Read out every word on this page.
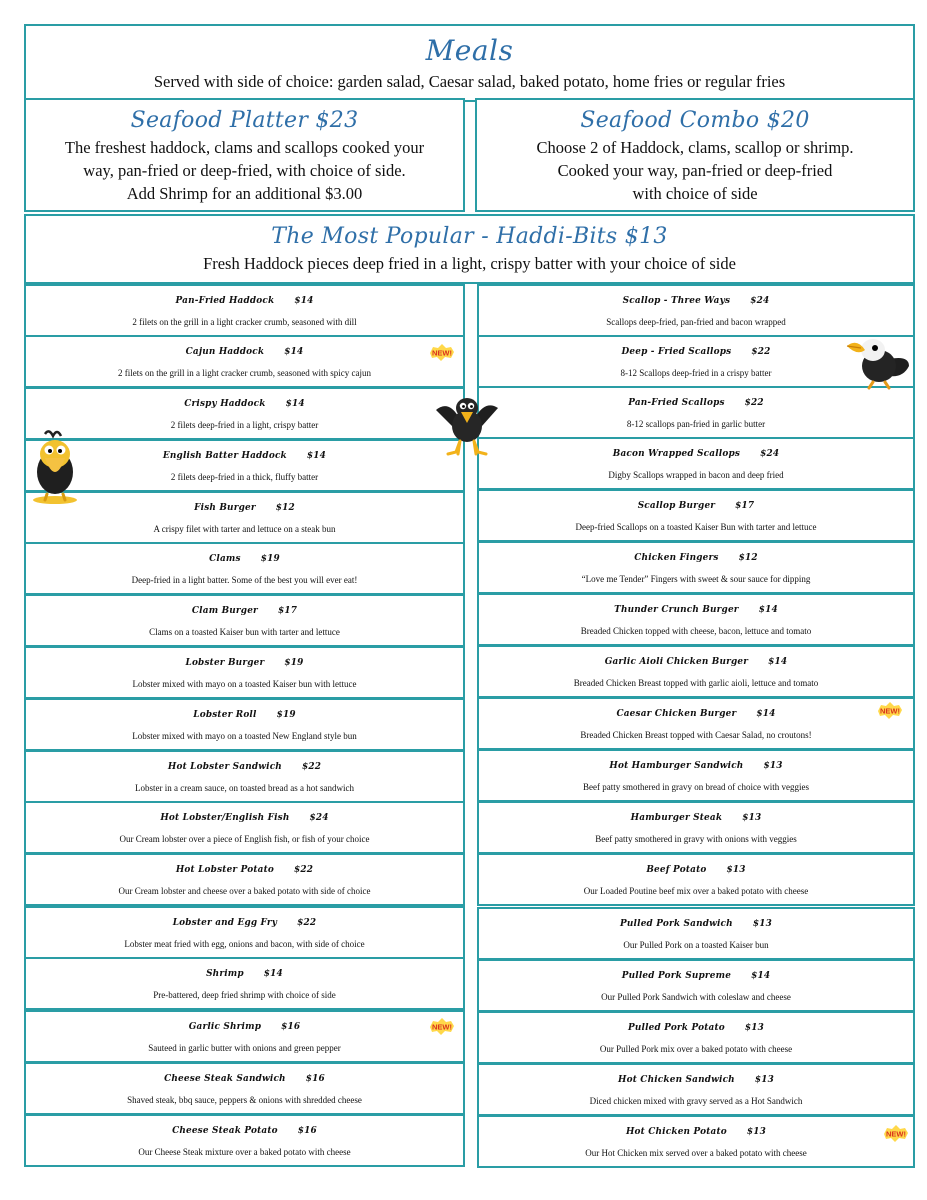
Meals
Served with side of choice: garden salad, Caesar salad, baked potato, home fries or regular fries
Seafood Platter $23
The freshest haddock, clams and scallops cooked your
way, pan-fried or deep-fried, with choice of side.
Add Shrimp for an additional $3.00
Seafood Combo $20
Choose 2 of Haddock, clams, scallop or shrimp.
Cooked your way, pan-fried or deep-fried
with choice of side
The Most Popular - Haddi-Bits $13
Fresh Haddock pieces deep fried in a light, crispy batter with your choice of side
Pan-Fried Haddock $14
2 filets on the grill in a light cracker crumb, seasoned with dill
Cajun Haddock $14
2 filets on the grill in a light cracker crumb, seasoned with spicy cajun
Crispy Haddock $14
2 filets deep-fried in a light, crispy batter
English Batter Haddock $14
2 filets deep-fried in a thick, fluffy batter
Fish Burger $12
A crispy filet with tarter and lettuce on a steak bun
Clams $19
Deep-fried in a light batter. Some of the best you will ever eat!
Clam Burger $17
Clams on a toasted Kaiser bun with tarter and lettuce
Lobster Burger $19
Lobster mixed with mayo on a toasted Kaiser bun with lettuce
Lobster Roll $19
Lobster mixed with mayo on a toasted New England style bun
Hot Lobster Sandwich $22
Lobster in a cream sauce, on toasted bread as a hot sandwich
Hot Lobster/English Fish $24
Our Cream lobster over a piece of English fish, or fish of your choice
Hot Lobster Potato $22
Our Cream lobster and cheese over a baked potato with side of choice
Lobster and Egg Fry $22
Lobster meat fried with egg, onions and bacon, with side of choice
Shrimp $14
Pre-battered, deep fried shrimp with choice of side
Garlic Shrimp $16
Sauteed in garlic butter with onions and green pepper
Cheese Steak Sandwich $16
Shaved steak, bbq sauce, peppers & onions with shredded cheese
Cheese Steak Potato $16
Our Cheese Steak mixture over a baked potato with cheese
Scallop - Three Ways $24
Scallops deep-fried, pan-fried and bacon wrapped
Deep - Fried Scallops $22
8-12 Scallops deep-fried in a crispy batter
Pan-Fried Scallops $22
8-12 scallops pan-fried in garlic butter
Bacon Wrapped Scallops $24
Digby Scallops wrapped in bacon and deep fried
Scallop Burger $17
Deep-fried Scallops on a toasted Kaiser Bun with tarter and lettuce
Chicken Fingers $12
“Love me Tender” Fingers with sweet & sour sauce for dipping
Thunder Crunch Burger $14
Breaded Chicken topped with cheese, bacon, lettuce and tomato
Garlic Aioli Chicken Burger $14
Breaded Chicken Breast topped with garlic aioli, lettuce and tomato
Caesar Chicken Burger $14
Breaded Chicken Breast topped with Caesar Salad, no croutons!
Hot Hamburger Sandwich $13
Beef patty smothered in gravy on bread of choice with veggies
Hamburger Steak $13
Beef patty smothered in gravy with onions with veggies
Beef Potato $13
Our Loaded Poutine beef mix over a baked potato with cheese
Pulled Pork Sandwich $13
Our Pulled Pork on a toasted Kaiser bun
Pulled Pork Supreme $14
Our Pulled Pork Sandwich with coleslaw and cheese
Pulled Pork Potato $13
Our Pulled Pork mix over a baked potato with cheese
Hot Chicken Sandwich $13
Diced chicken mixed with gravy served as a Hot Sandwich
Hot Chicken Potato $13
Our Hot Chicken mix served over a baked potato with cheese
NEW!
NEW!
NEW!
NEW!
